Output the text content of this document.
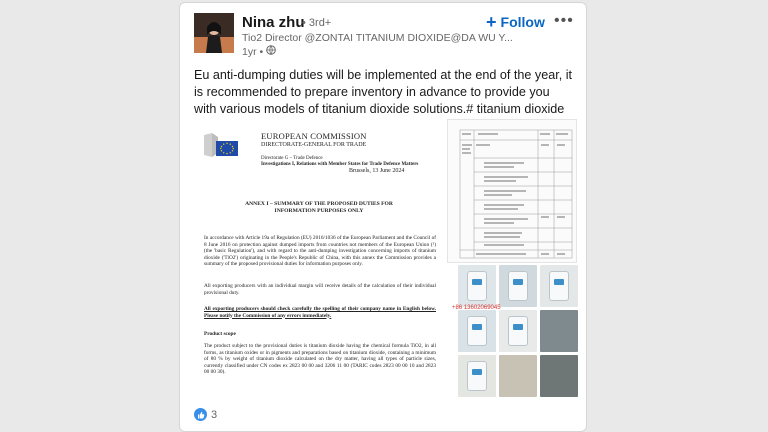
Nina zhu
• 3rd+
Tio2 Director @ZONTAI TITANIUM DIOXIDE@DA WU Y...
1yr •
+ Follow •••
Eu anti-dumping duties will be implemented at the end of the year, it is recommended to prepare inventory in advance to provide you with various models of titanium dioxide solutions.# titanium dioxide
EUROPEAN COMMISSION
DIRECTORATE-GENERAL FOR TRADE
Directorate G – Trade Defence
Investigations I, Relations with Member States for Trade Defence Matters
Brussels, 13 June 2024
ANNEX I – SUMMARY OF THE PROPOSED DUTIES FOR INFORMATION PURPOSES ONLY
In accordance with Article 19a of Regulation (EU) 2016/1036 of the European Parliament and the Council of 8 June 2016 on protection against dumped imports from countries not members of the European Union (¹) (the 'basic Regulation'), and with regard to the anti-dumping investigation concerning imports of titanium dioxide ('TiO2') originating in the People's Republic of China, with this annex the Commission provides a summary of the proposed provisional duties for information purposes only.
All exporting producers with an individual margin will receive details of the calculation of their individual provisional duty.
All exporting producers should check carefully the spelling of their company name in English below. Please notify the Commission of any errors immediately.
Product scope
The product subject to the provisional duties is titanium dioxide having the chemical formula TiO2, in all forms, as titanium oxides or in pigments and preparations based on titanium dioxide, containing a minimum of 80 % by weight of titanium dioxide calculated on the dry matter, having all types of particle sizes, currently classified under CN codes ex 2823 00 00 and 3206 11 00 (TARIC codes 2823 00 00 10 and 2823 00 00 30).
+86 13602069045
3
